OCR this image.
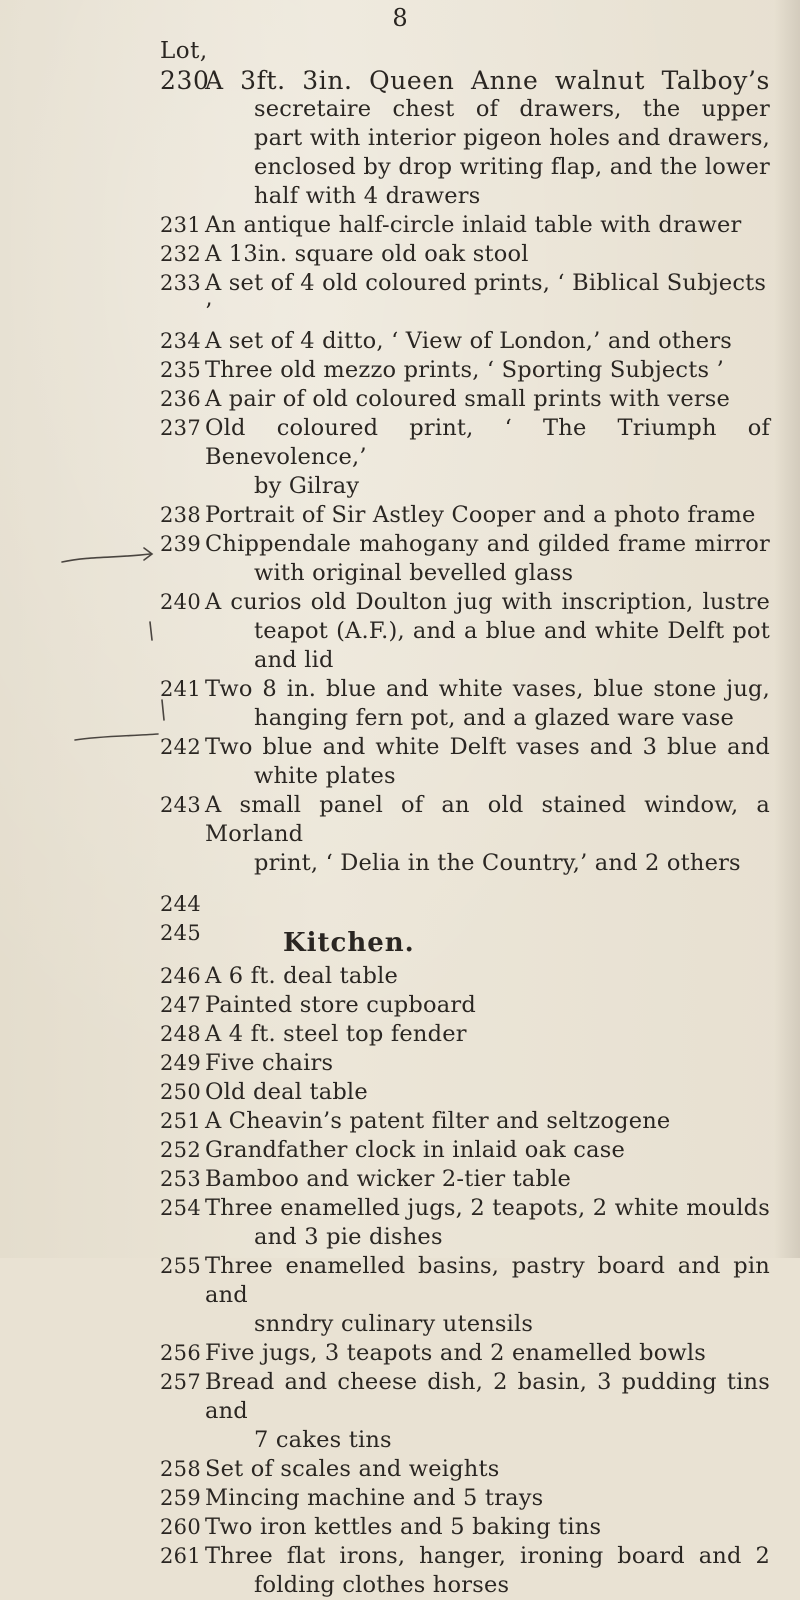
8
Lot,
230
A 3ft. 3in. Queen Anne walnut Talboy’s
secretaire chest of drawers, the upper
part with interior pigeon holes and drawers,
enclosed by drop writing flap, and the lower
half with 4 drawers
231 An antique half-circle inlaid table with drawer
232 A 13in. square old oak stool
233 A set of 4 old coloured prints, ‘ Biblical Subjects ’
234 A set of 4 ditto, ‘ View of London,’ and others
235 Three old mezzo prints, ‘ Sporting Subjects ’
236 A pair of old coloured small prints with verse
237 Old coloured print, ‘ The Triumph of Benevolence,’
by Gilray
238 Portrait of Sir Astley Cooper and a photo frame
239 Chippendale mahogany and gilded frame mirror
with original bevelled glass
240 A curios old Doulton jug with inscription, lustre
teapot (A.F.), and a blue and white Delft pot
and lid
241 Two 8 in. blue and white vases, blue stone jug,
hanging fern pot, and a glazed ware vase
242 Two blue and white Delft vases and 3 blue and
white plates
243 A small panel of an old stained window, a Morland
print, ‘ Delia in the Country,’ and 2 others
244

245
	Kitchen.
246 A 6 ft. deal table
247 Painted store cupboard
248 A 4 ft. steel top fender
249 Five chairs
250 Old deal table
251 A Cheavin’s patent filter and seltzogene
252 Grandfather clock in inlaid oak case
253 Bamboo and wicker 2-tier table
254 Three enamelled jugs, 2 teapots, 2 white moulds
and 3 pie dishes
255 Three enamelled basins, pastry board and pin and
snndry culinary utensils
256 Five jugs, 3 teapots and 2 enamelled bowls
257 Bread and cheese dish, 2 basin, 3 pudding tins and
7 cakes tins
258 Set of scales and weights
259 Mincing machine and 5 trays
260 Two iron kettles and 5 baking tins
261 Three flat irons, hanger, ironing board and 2
folding clothes horses
